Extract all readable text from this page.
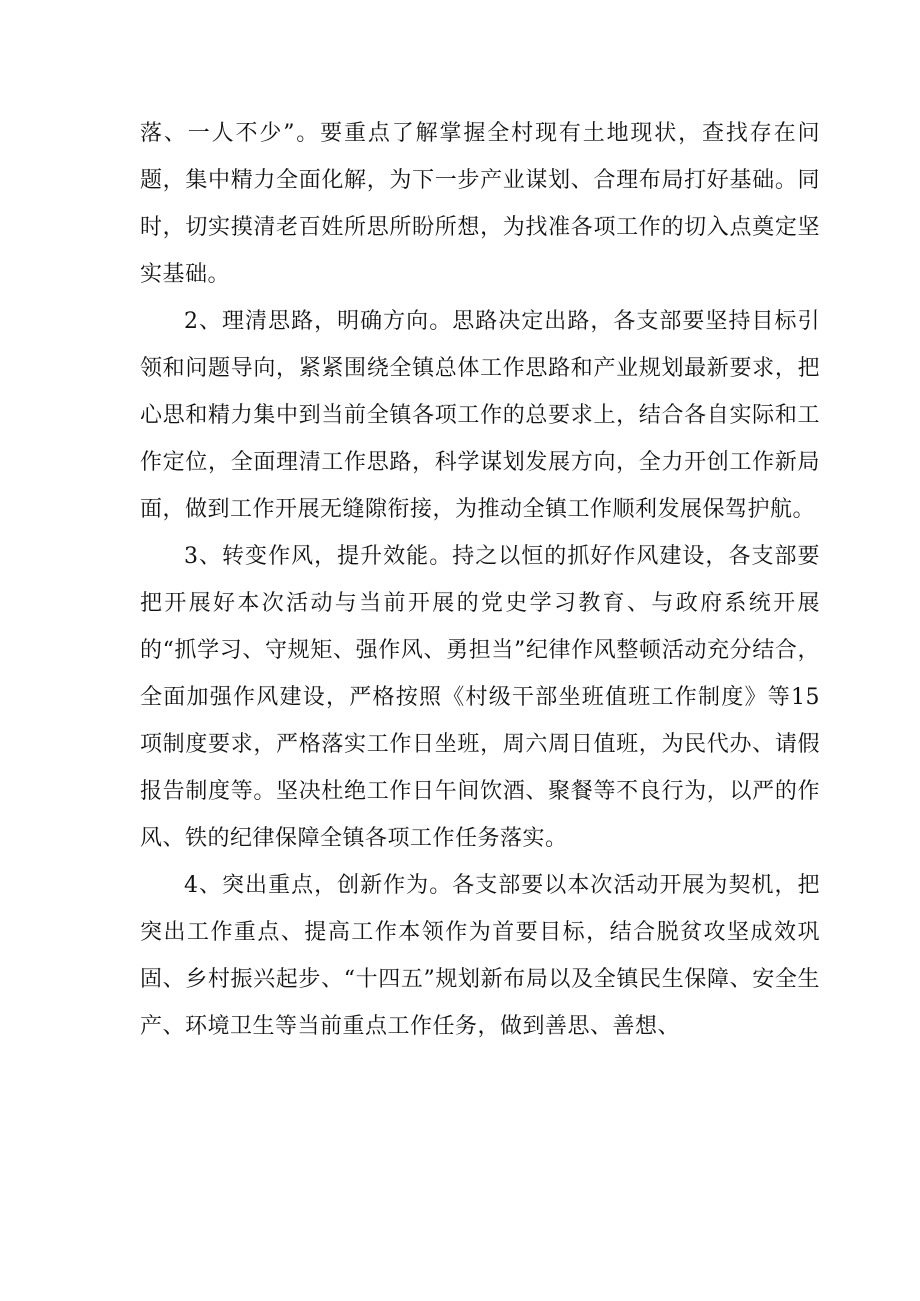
落、一人不少”。要重点了解掌握全村现有土地现状，查找存在问题，集中精力全面化解，为下一步产业谋划、合理布局打好基础。同时，切实摸清老百姓所思所盼所想，为找准各项工作的切入点奠定坚实基础。

2、理清思路，明确方向。思路决定出路，各支部要坚持目标引领和问题导向，紧紧围绕全镇总体工作思路和产业规划最新要求，把心思和精力集中到当前全镇各项工作的总要求上，结合各自实际和工作定位，全面理清工作思路，科学谋划发展方向，全力开创工作新局面，做到工作开展无缝隙衔接，为推动全镇工作顺利发展保驾护航。

3、转变作风，提升效能。持之以恒的抓好作风建设，各支部要把开展好本次活动与当前开展的党史学习教育、与政府系统开展的“抓学习、守规矩、强作风、勇担当”纪律作风整顿活动充分结合，全面加强作风建设，严格按照《村级干部坐班值班工作制度》等15项制度要求，严格落实工作日坐班，周六周日值班，为民代办、请假报告制度等。坚决杜绝工作日午间饮酒、聚餐等不良行为，以严的作风、铁的纪律保障全镇各项工作任务落实。

4、突出重点，创新作为。各支部要以本次活动开展为契机，把突出工作重点、提高工作本领作为首要目标，结合脱贫攻坚成效巩固、乡村振兴起步、“十四五”规划新布局以及全镇民生保障、安全生产、环境卫生等当前重点工作任务，做到善思、善想、
